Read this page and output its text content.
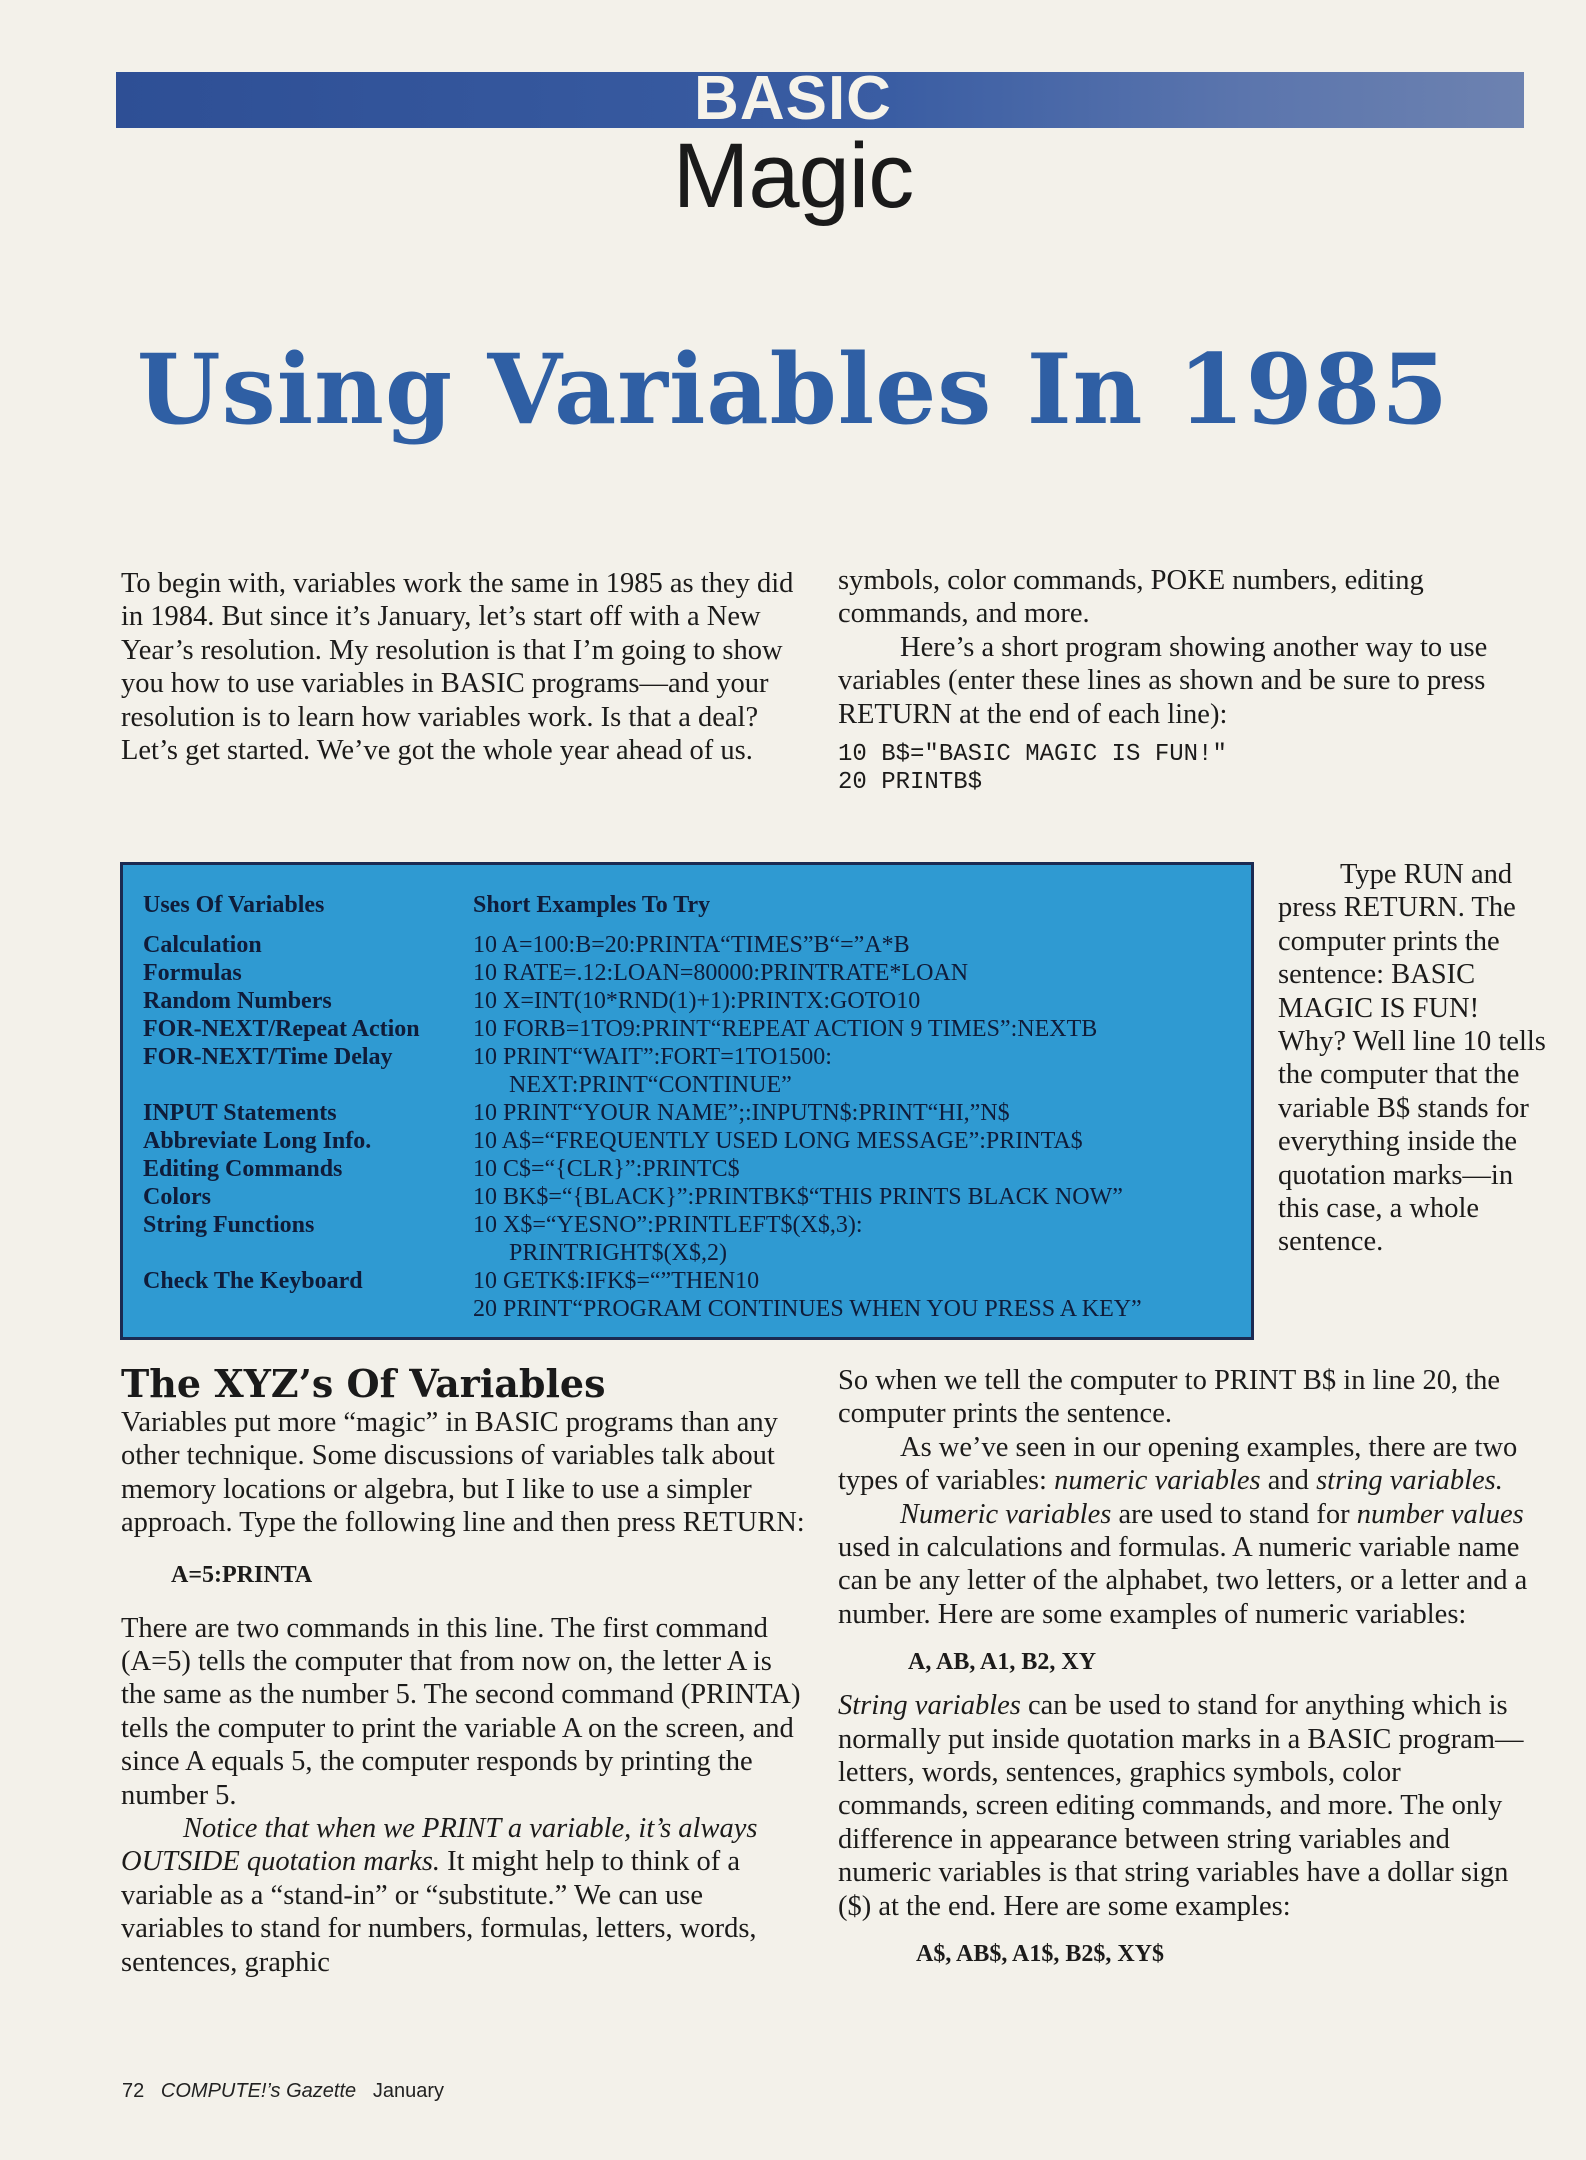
BASIC
Magic
Using Variables In 1985

To begin with, variables work the same in 1985 as they did in 1984. But since it’s January, let’s start off with a New Year’s resolution. My resolution is that I’m going to show you how to use variables in BASIC programs—and your resolution is to learn how variables work. Is that a deal? Let’s get started. We’ve got the whole year ahead of us.

symbols, color commands, POKE numbers, editing commands, and more.

Here’s a short program showing another way to use variables (enter these lines as shown and be sure to press RETURN at the end of each line):

10 B$="BASIC MAGIC IS FUN!"
20 PRINTB$
Uses Of Variables	Short Examples To Try
Calculation	10 A=100:B=20:PRINTA“TIMES”B“=”A*B
Formulas	10 RATE=.12:LOAN=80000:PRINTRATE*LOAN
Random Numbers	10 X=INT(10*RND(1)+1):PRINTX:GOTO10
FOR-NEXT/Repeat Action 10 FORB=1TO9:PRINT“REPEAT ACTION 9 TIMES”:NEXTB
FOR-NEXT/Time Delay	10 PRINT“WAIT”:FORT=1TO1500:
NEXT:PRINT“CONTINUE”
INPUT Statements	10 PRINT“YOUR NAME”;:INPUTN$:PRINT“HI,”N$
Abbreviate Long Info.	10 A$=“FREQUENTLY USED LONG MESSAGE”:PRINTA$
Editing Commands	10 C$=“{CLR}”:PRINTC$
Colors	10 BK$=“{BLACK}”:PRINTBK$“THIS PRINTS BLACK NOW”
String Functions	10 X$=“YESNO”:PRINTLEFT$(X$,3):
PRINTRIGHT$(X$,2)
Check The Keyboard	10 GETK$:IFK$=“”THEN10
20 PRINT“PROGRAM CONTINUES WHEN YOU PRESS A KEY”
Type RUN and press RETURN. The computer prints the sentence: BASIC MAGIC IS FUN! Why? Well line 10 tells the computer that the variable B$ stands for everything inside the quotation marks—in this case, a whole sentence.
The XYZ’s Of Variables

Variables put more “magic” in BASIC programs than any other technique. Some discussions of variables talk about memory locations or algebra, but I like to use a simpler approach. Type the following line and then press RETURN:

A=5:PRINTA

There are two commands in this line. The first command (A=5) tells the computer that from now on, the letter A is the same as the number 5. The second command (PRINTA) tells the computer to print the variable A on the screen, and since A equals 5, the computer responds by printing the number 5.

Notice that when we PRINT a variable, it’s always OUTSIDE quotation marks. It might help to think of a variable as a “stand-in” or “substitute.” We can use variables to stand for numbers, formulas, letters, words, sentences, graphic

So when we tell the computer to PRINT B$ in line 20, the computer prints the sentence.

As we’ve seen in our opening examples, there are two types of variables: numeric variables and string variables.

Numeric variables are used to stand for number values used in calculations and formulas. A numeric variable name can be any letter of the alphabet, two letters, or a letter and a number. Here are some examples of numeric variables:

A, AB, A1, B2, XY

String variables can be used to stand for anything which is normally put inside quotation marks in a BASIC program—letters, words, sentences, graphics symbols, color commands, screen editing commands, and more. The only difference in appearance between string variables and numeric variables is that string variables have a dollar sign ($) at the end. Here are some examples:

A$, AB$, A1$, B2$, XY$
72 COMPUTE!’s Gazette January
